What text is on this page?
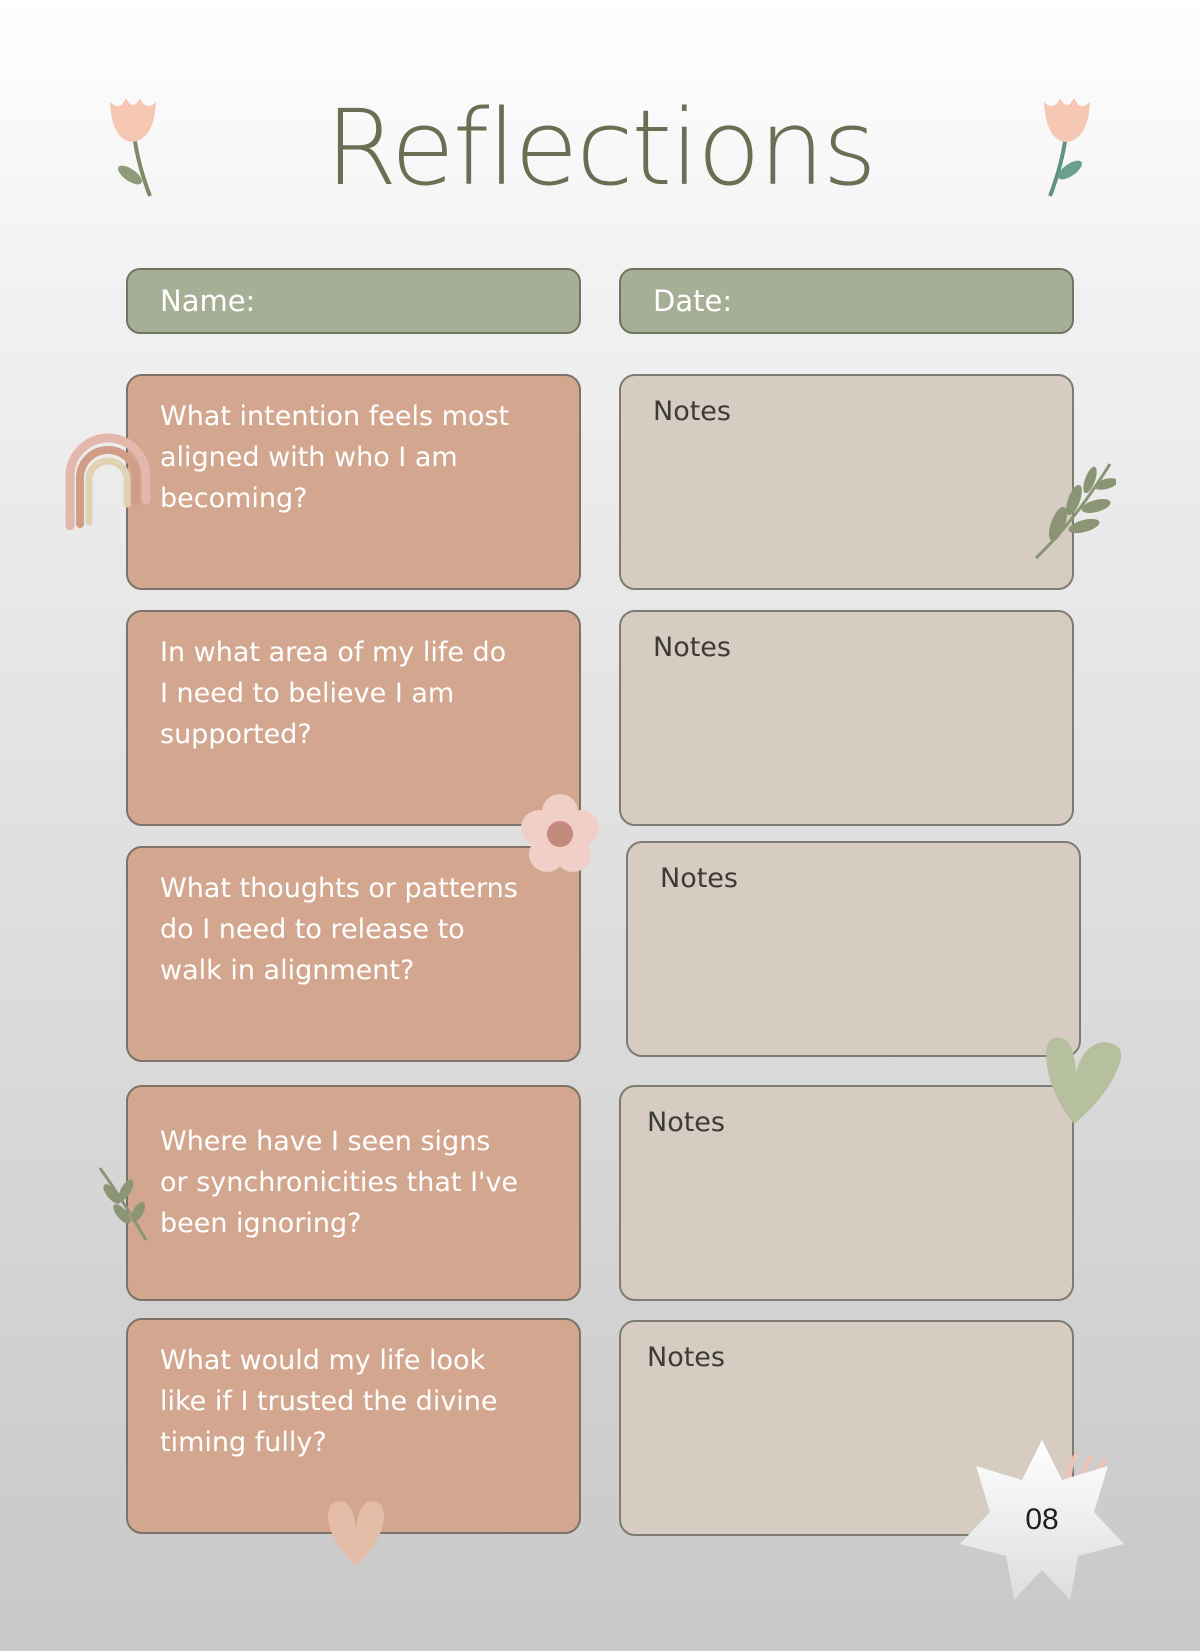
Reflections
Name:	Date:
What intention feels most aligned with who I am becoming?
Notes
In what area of my life do I need to believe I am supported?
Notes
What thoughts or patterns do I need to release to walk in alignment?
Notes
Where have I seen signs or synchronicities that I've been ignoring?
Notes
What would my life look like if I trusted the divine timing fully?
Notes
08
